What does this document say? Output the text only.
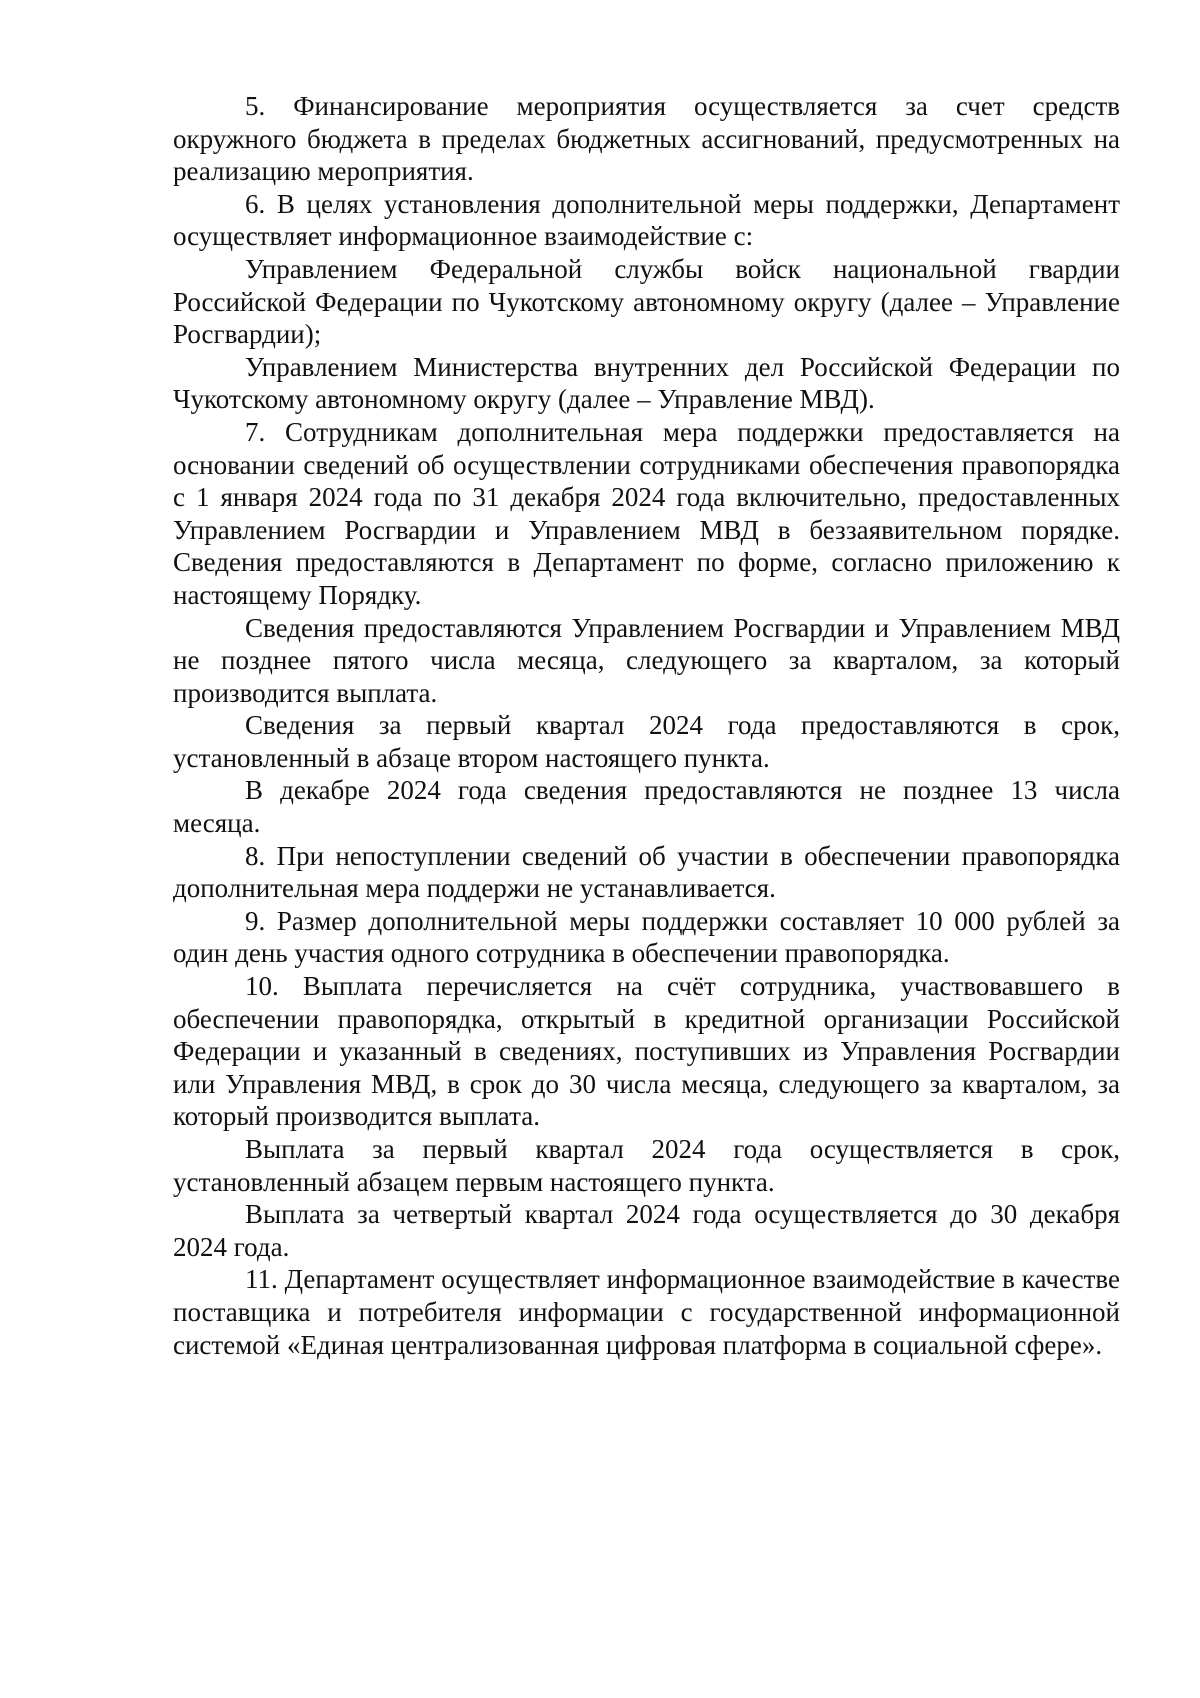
5. Финансирование мероприятия осуществляется за счет средств окружного бюджета в пределах бюджетных ассигнований, предусмотренных на реализацию мероприятия.

6. В целях установления дополнительной меры поддержки, Департамент осуществляет информационное взаимодействие с:

Управлением Федеральной службы войск национальной гвардии Российской Федерации по Чукотскому автономному округу (далее – Управление Росгвардии);

Управлением Министерства внутренних дел Российской Федерации по Чукотскому автономному округу (далее – Управление МВД).

7. Сотрудникам дополнительная мера поддержки предоставляется на основании сведений об осуществлении сотрудниками обеспечения правопорядка с 1 января 2024 года по 31 декабря 2024 года включительно, предоставленных Управлением Росгвардии и Управлением МВД в беззаявительном порядке. Сведения предоставляются в Департамент по форме, согласно приложению к настоящему Порядку.

Сведения предоставляются Управлением Росгвардии и Управлением МВД не позднее пятого числа месяца, следующего за кварталом, за который производится выплата.

Сведения за первый квартал 2024 года предоставляются в срок, установленный в абзаце втором настоящего пункта.

В декабре 2024 года сведения предоставляются не позднее 13 числа месяца.

8. При непоступлении сведений об участии в обеспечении правопорядка дополнительная мера поддержи не устанавливается.

9. Размер дополнительной меры поддержки составляет 10 000 рублей за один день участия одного сотрудника в обеспечении правопорядка.

10. Выплата перечисляется на счёт сотрудника, участвовавшего в обеспечении правопорядка, открытый в кредитной организации Российской Федерации и указанный в сведениях, поступивших из Управления Росгвардии или Управления МВД, в срок до 30 числа месяца, следующего за кварталом, за который производится выплата.

Выплата за первый квартал 2024 года осуществляется в срок, установленный абзацем первым настоящего пункта.

Выплата за четвертый квартал 2024 года осуществляется до 30 декабря 2024 года.

11. Департамент осуществляет информационное взаимодействие в качестве поставщика и потребителя информации с государственной информационной системой «Единая централизованная цифровая платформа в социальной сфере».
